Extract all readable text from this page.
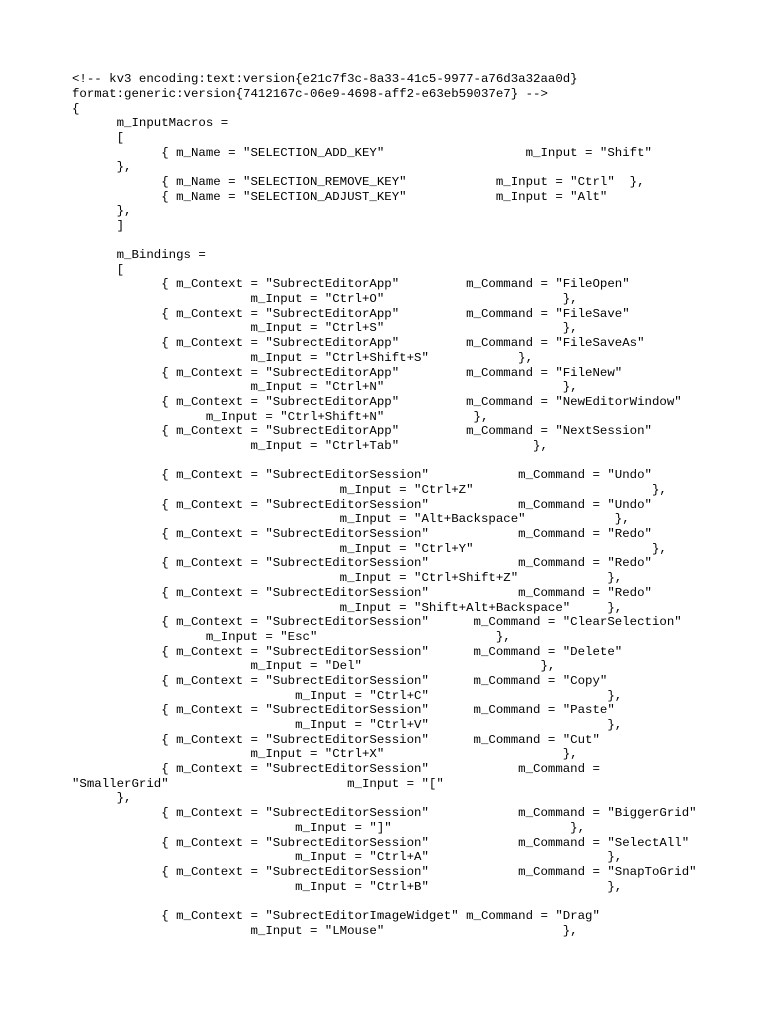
<!-- kv3 encoding:text:version{e21c7f3c-8a33-41c5-9977-a76d3a32aa0d}
format:generic:version{7412167c-06e9-4698-aff2-e63eb59037e7} -->
{
m_InputMacros =
[
{ m_Name = "SELECTION_ADD_KEY"                   m_Input = "Shift"
},
{ m_Name = "SELECTION_REMOVE_KEY"            m_Input = "Ctrl"  },
{ m_Name = "SELECTION_ADJUST_KEY"            m_Input = "Alt"
},
]
m_Bindings =
[
{ m_Context = "SubrectEditorApp"         m_Command = "FileOpen"
m_Input = "Ctrl+O"                        },
{ m_Context = "SubrectEditorApp"         m_Command = "FileSave"
m_Input = "Ctrl+S"                        },
{ m_Context = "SubrectEditorApp"         m_Command = "FileSaveAs"
m_Input = "Ctrl+Shift+S"            },
{ m_Context = "SubrectEditorApp"         m_Command = "FileNew"
m_Input = "Ctrl+N"                        },
{ m_Context = "SubrectEditorApp"         m_Command = "NewEditorWindow"
m_Input = "Ctrl+Shift+N"            },
{ m_Context = "SubrectEditorApp"         m_Command = "NextSession"
m_Input = "Ctrl+Tab"                  },
{ m_Context = "SubrectEditorSession"            m_Command = "Undo"
m_Input = "Ctrl+Z"                        },
{ m_Context = "SubrectEditorSession"            m_Command = "Undo"
m_Input = "Alt+Backspace"            },
{ m_Context = "SubrectEditorSession"            m_Command = "Redo"
m_Input = "Ctrl+Y"                        },
{ m_Context = "SubrectEditorSession"            m_Command = "Redo"
m_Input = "Ctrl+Shift+Z"            },
{ m_Context = "SubrectEditorSession"            m_Command = "Redo"
m_Input = "Shift+Alt+Backspace"     },
{ m_Context = "SubrectEditorSession"      m_Command = "ClearSelection"
m_Input = "Esc"                        },
{ m_Context = "SubrectEditorSession"      m_Command = "Delete"
m_Input = "Del"                        },
{ m_Context = "SubrectEditorSession"      m_Command = "Copy"
m_Input = "Ctrl+C"                        },
{ m_Context = "SubrectEditorSession"      m_Command = "Paste"
m_Input = "Ctrl+V"                        },
{ m_Context = "SubrectEditorSession"      m_Command = "Cut"
m_Input = "Ctrl+X"                        },
{ m_Context = "SubrectEditorSession"            m_Command =
"SmallerGrid"                        m_Input = "["
},
{ m_Context = "SubrectEditorSession"            m_Command = "BiggerGrid"
m_Input = "]"                        },
{ m_Context = "SubrectEditorSession"            m_Command = "SelectAll"
m_Input = "Ctrl+A"                        },
{ m_Context = "SubrectEditorSession"            m_Command = "SnapToGrid"
m_Input = "Ctrl+B"                        },
{ m_Context = "SubrectEditorImageWidget" m_Command = "Drag"
m_Input = "LMouse"                        },
